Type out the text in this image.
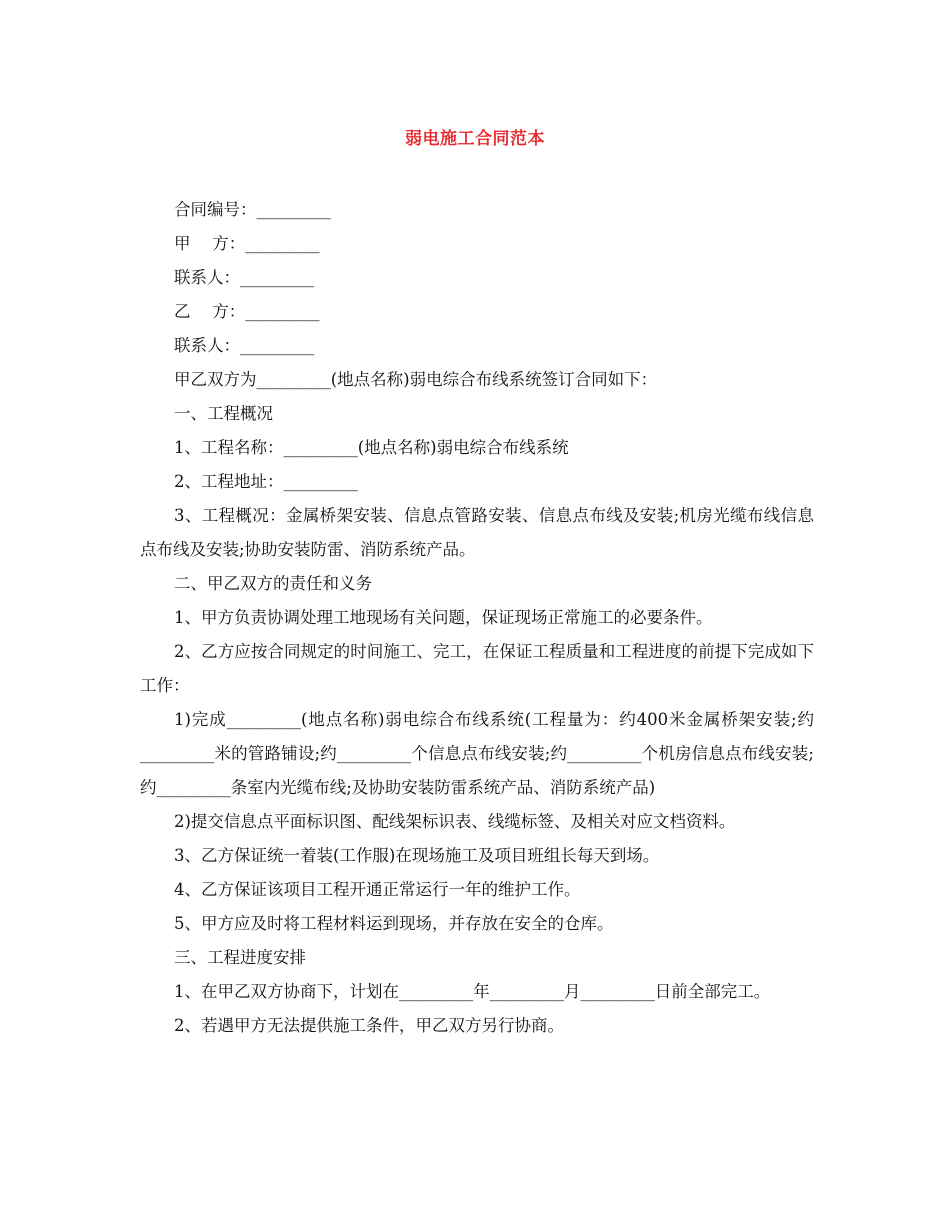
弱电施工合同范本

合同编号：_________

甲　 方：_________

联系人：_________

乙　 方：_________

联系人：_________

甲乙双方为_________(地点名称)弱电综合布线系统签订合同如下：

一、工程概况

1、工程名称：_________(地点名称)弱电综合布线系统

2、工程地址：_________

3、工程概况：金属桥架安装、信息点管路安装、信息点布线及安装;机房光缆布线信息点布线及安装;协助安装防雷、消防系统产品。

二、甲乙双方的责任和义务

1、甲方负责协调处理工地现场有关问题，保证现场正常施工的必要条件。

2、乙方应按合同规定的时间施工、完工，在保证工程质量和工程进度的前提下完成如下工作：

1)完成_________(地点名称)弱电综合布线系统(工程量为：约400米金属桥架安装;约_________米的管路铺设;约_________个信息点布线安装;约_________个机房信息点布线安装;约_________条室内光缆布线;及协助安装防雷系统产品、消防系统产品)

2)提交信息点平面标识图、配线架标识表、线缆标签、及相关对应文档资料。

3、乙方保证统一着装(工作服)在现场施工及项目班组长每天到场。

4、乙方保证该项目工程开通正常运行一年的维护工作。

5、甲方应及时将工程材料运到现场，并存放在安全的仓库。

三、工程进度安排

1、在甲乙双方协商下，计划在_________年_________月_________日前全部完工。

2、若遇甲方无法提供施工条件，甲乙双方另行协商。
